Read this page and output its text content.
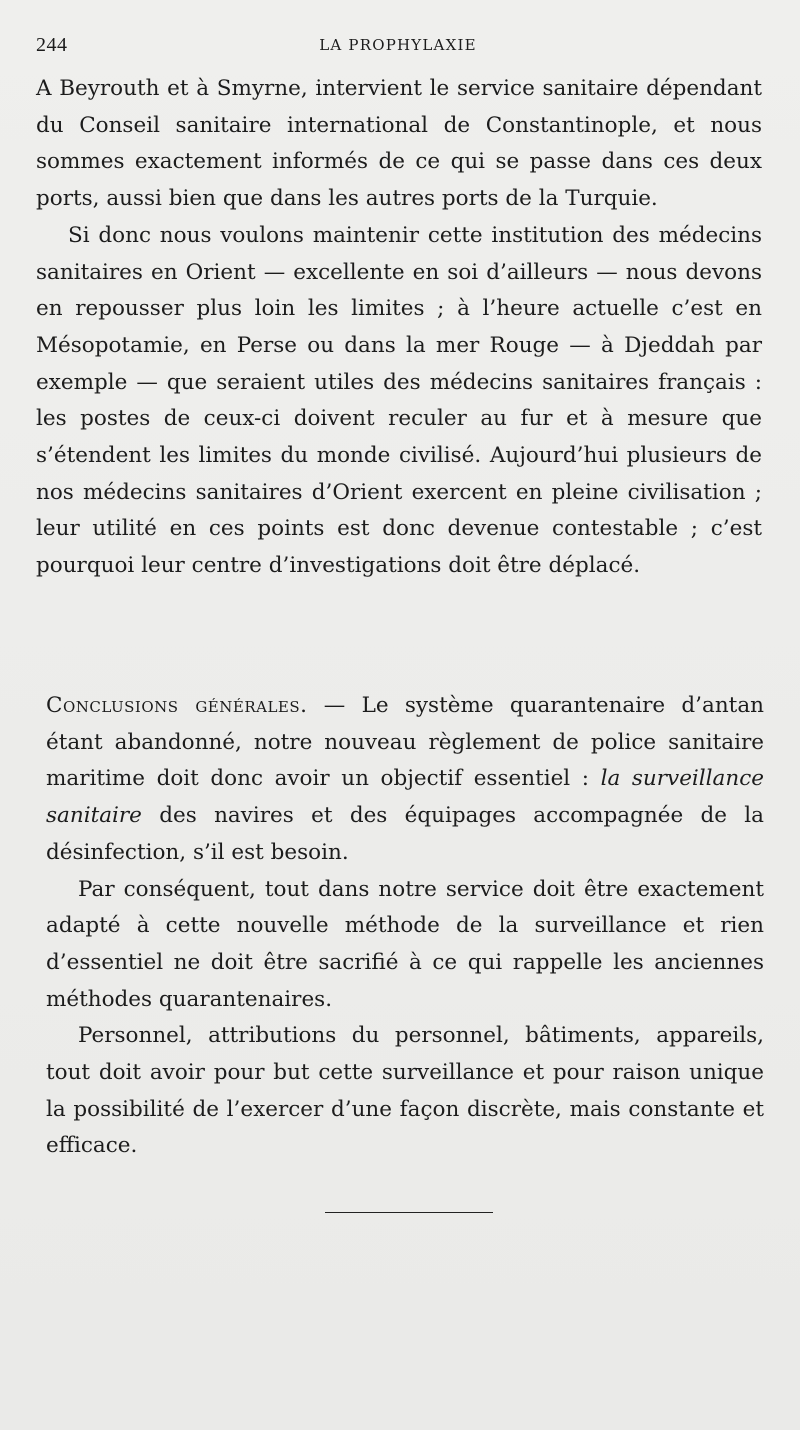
244	LA PROPHYLAXIE

A Beyrouth et à Smyrne, intervient le service sanitaire dépendant du Conseil sanitaire international de Constantinople, et nous sommes exactement informés de ce qui se passe dans ces deux ports, aussi bien que dans les autres ports de la Turquie.

Si donc nous voulons maintenir cette institution des médecins sanitaires en Orient — excellente en soi d’ailleurs — nous devons en repousser plus loin les limites ; à l’heure actuelle c’est en Mésopotamie, en Perse ou dans la mer Rouge — à Djeddah par exemple — que seraient utiles des médecins sanitaires français : les postes de ceux-ci doivent reculer au fur et à mesure que s’étendent les limites du monde civilisé. Aujourd’hui plusieurs de nos médecins sanitaires d’Orient exercent en pleine civilisation ; leur utilité en ces points est donc devenue contestable ; c’est pourquoi leur centre d’investigations doit être déplacé.

Conclusions générales. — Le système quarantenaire d’antan étant abandonné, notre nouveau règlement de police sanitaire maritime doit donc avoir un objectif essentiel : la surveillance sanitaire des navires et des équipages accompagnée de la désinfection, s’il est besoin.

Par conséquent, tout dans notre service doit être exactement adapté à cette nouvelle méthode de la surveillance et rien d’essentiel ne doit être sacrifié à ce qui rappelle les anciennes méthodes quarantenaires.

Personnel, attributions du personnel, bâtiments, appareils, tout doit avoir pour but cette surveillance et pour raison unique la possibilité de l’exercer d’une façon discrète, mais constante et efficace.
